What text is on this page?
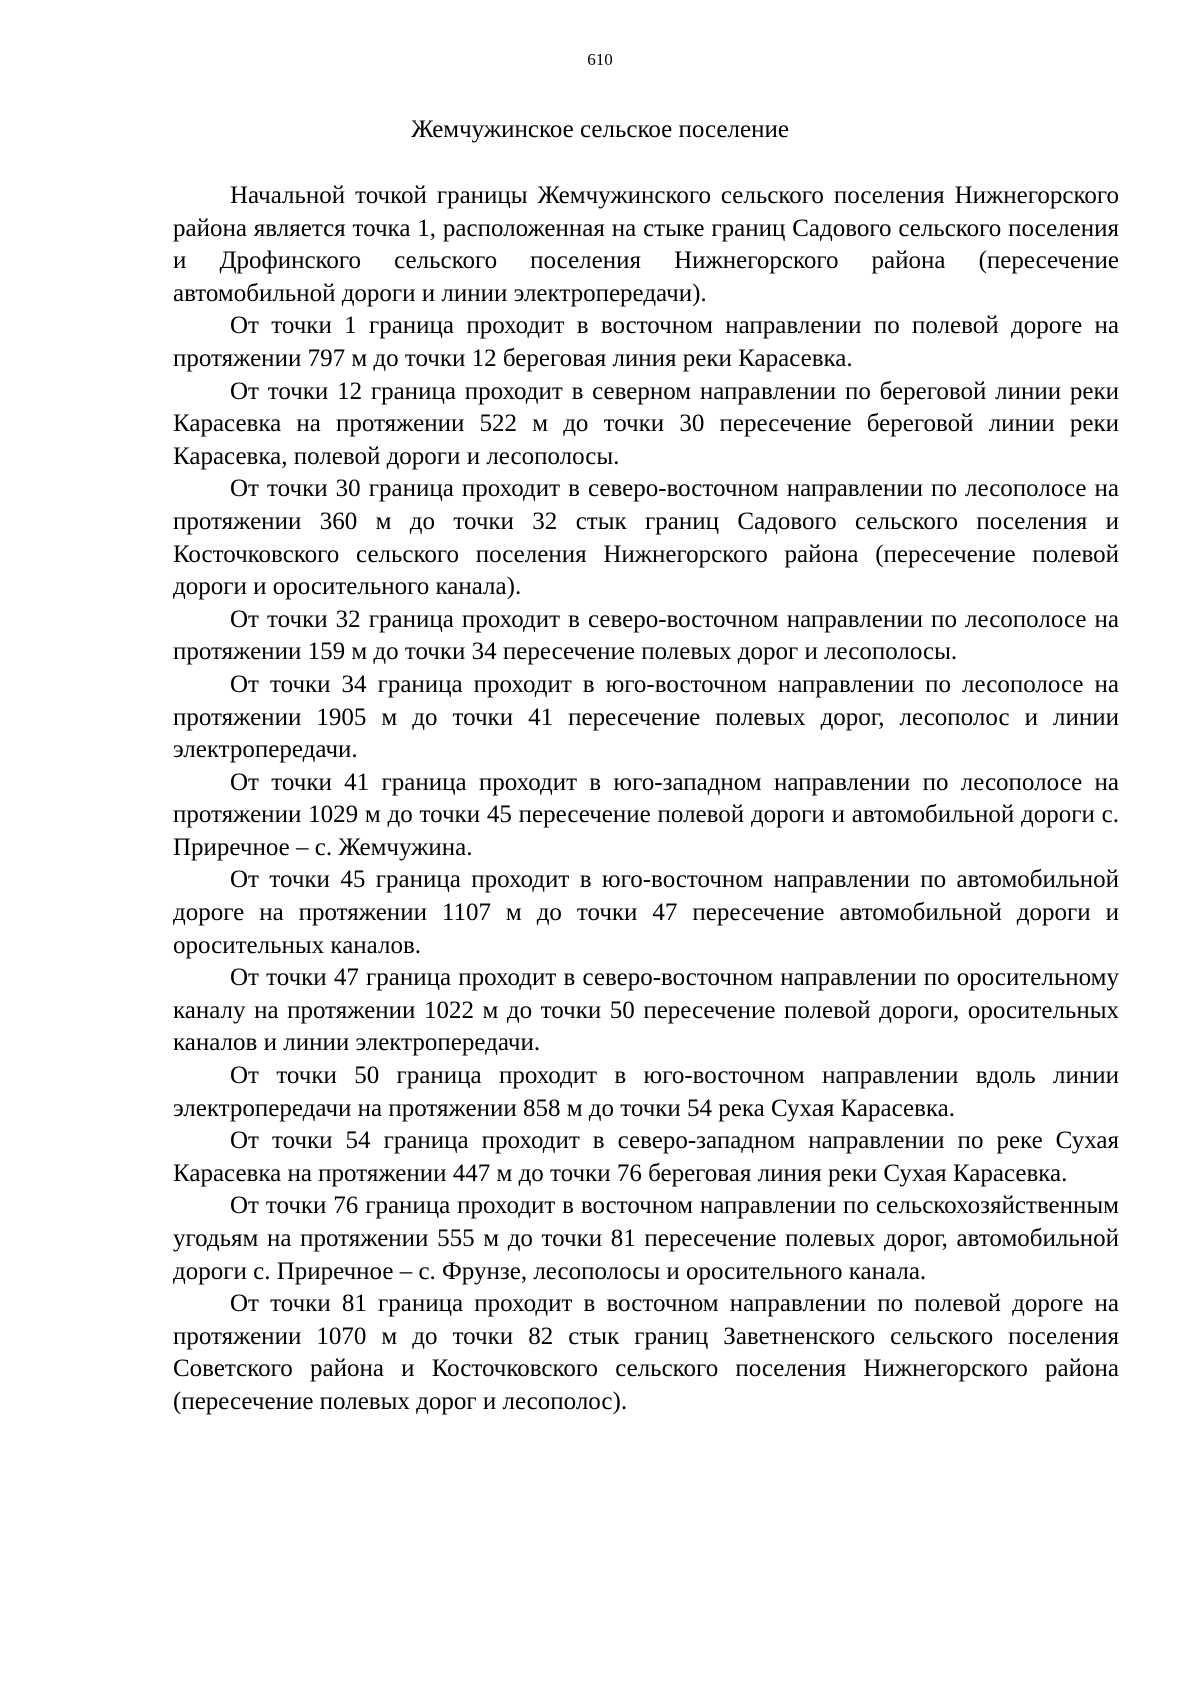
610
Жемчужинское сельское поселение

Начальной точкой границы Жемчужинского сельского поселения Нижнегорского района является точка 1, расположенная на стыке границ Садового сельского поселения и Дрофинского сельского поселения Нижнегорского района (пересечение автомобильной дороги и линии электропередачи).

От точки 1 граница проходит в восточном направлении по полевой дороге на протяжении 797 м до точки 12 береговая линия реки Карасевка.

От точки 12 граница проходит в северном направлении по береговой линии реки Карасевка на протяжении 522 м до точки 30 пересечение береговой линии реки Карасевка, полевой дороги и лесополосы.

От точки 30 граница проходит в северо-восточном направлении по лесополосе на протяжении 360 м до точки 32 стык границ Садового сельского поселения и Косточковского сельского поселения Нижнегорского района (пересечение полевой дороги и оросительного канала).

От точки 32 граница проходит в северо-восточном направлении по лесополосе на протяжении 159 м до точки 34 пересечение полевых дорог и лесополосы.

От точки 34 граница проходит в юго-восточном направлении по лесополосе на протяжении 1905 м до точки 41 пересечение полевых дорог, лесополос и линии электропередачи.

От точки 41 граница проходит в юго-западном направлении по лесополосе на протяжении 1029 м до точки 45 пересечение полевой дороги и автомобильной дороги с. Приречное – с. Жемчужина.

От точки 45 граница проходит в юго-восточном направлении по автомобильной дороге на протяжении 1107 м до точки 47 пересечение автомобильной дороги и оросительных каналов.

От точки 47 граница проходит в северо-восточном направлении по оросительному каналу на протяжении 1022 м до точки 50 пересечение полевой дороги, оросительных каналов и линии электропередачи.

От точки 50 граница проходит в юго-восточном направлении вдоль линии электропередачи на протяжении 858 м до точки 54 река Сухая Карасевка.

От точки 54 граница проходит в северо-западном направлении по реке Сухая Карасевка на протяжении 447 м до точки 76 береговая линия реки Сухая Карасевка.

От точки 76 граница проходит в восточном направлении по сельскохозяйственным угодьям на протяжении 555 м до точки 81 пересечение полевых дорог, автомобильной дороги с. Приречное – с. Фрунзе, лесополосы и оросительного канала.

От точки 81 граница проходит в восточном направлении по полевой дороге на протяжении 1070 м до точки 82 стык границ Заветненского сельского поселения Советского района и Косточковского сельского поселения Нижнегорского района (пересечение полевых дорог и лесополос).
